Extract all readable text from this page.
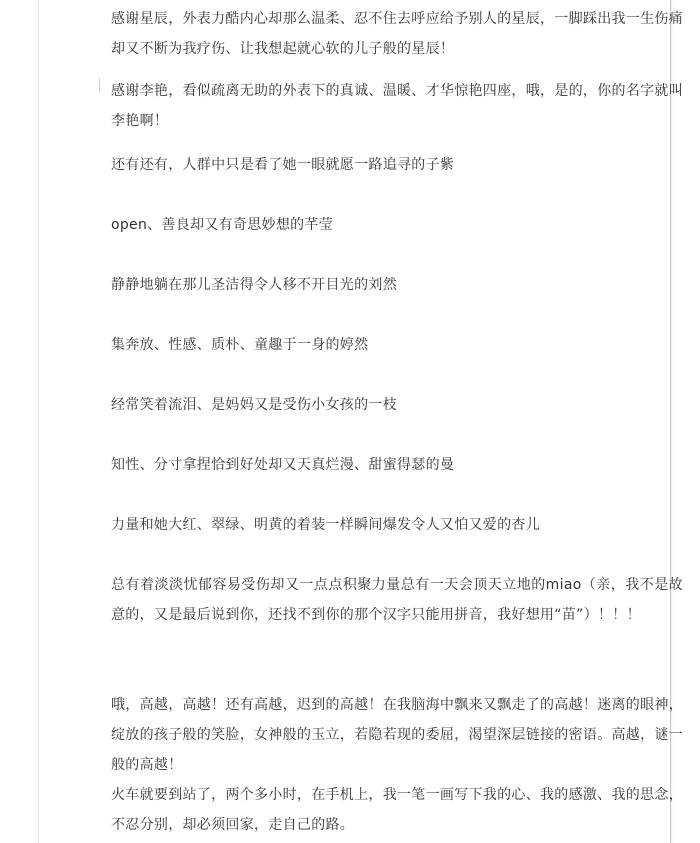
感谢星辰，外表力酷内心却那么温柔、忍不住去呼应给予别人的星辰，一脚踩出我一生伤痛却又不断为我疗伤、让我想起就心软的儿子般的星辰！

感谢李艳，看似疏离无助的外表下的真诚、温暖、才华惊艳四座，哦，是的，你的名字就叫李艳啊！

还有还有，人群中只是看了她一眼就愿一路追寻的子紫

open、善良却又有奇思妙想的芊莹

静静地躺在那儿圣洁得令人移不开目光的刘然

集奔放、性感、质朴、童趣于一身的婷然

经常笑着流泪、是妈妈又是受伤小女孩的一枝

知性、分寸拿捏恰到好处却又天真烂漫、甜蜜得瑟的曼

力量和她大红、翠绿、明黄的着装一样瞬间爆发令人又怕又爱的杏儿

总有着淡淡忧郁容易受伤却又一点点积聚力量总有一天会顶天立地的miao（亲，我不是故意的，又是最后说到你，还找不到你的那个汉字只能用拼音，我好想用“苗”）！！！

哦，高越，高越！还有高越，迟到的高越！在我脑海中飘来又飘走了的高越！迷离的眼神，绽放的孩子般的笑脸，女神般的玉立，若隐若现的委屈，渴望深层链接的密语。高越，谜一般的高越！

火车就要到站了，两个多小时，在手机上，我一笔一画写下我的心、我的感激、我的思念，不忍分别，却必须回家，走自己的路。
